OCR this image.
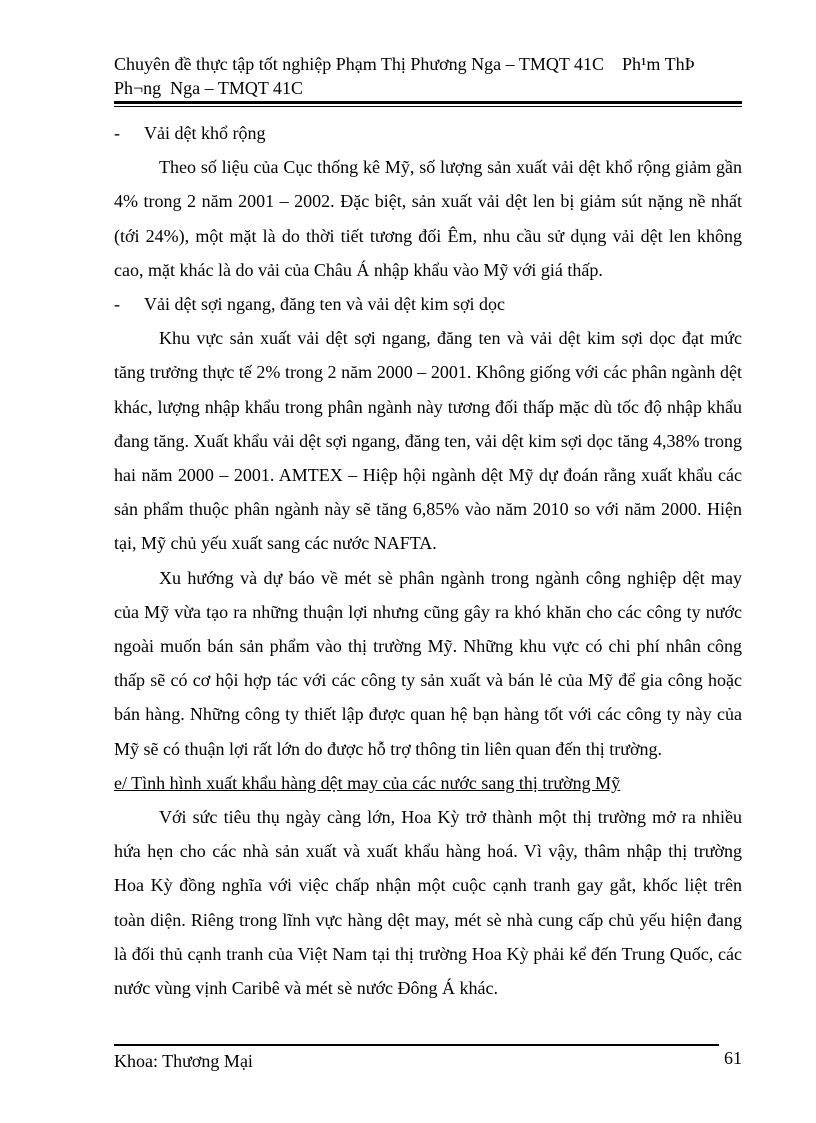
Chuyên đề thực tập tốt nghiệp Phạm Thị Phương Nga – TMQT 41C    Ph¹m ThÞ
Ph¬ng  Nga – TMQT 41C

- Vải dệt khổ rộng

Theo số liệu của Cục thống kê Mỹ, số lượng sản xuất vải dệt khổ rộng giảm gần 4% trong 2 năm 2001 – 2002. Đặc biệt, sản xuất vải dệt len bị giảm sút nặng nề nhất (tới 24%), một mặt là do thời tiết tương đối Êm, nhu cầu sử dụng vải dệt len không cao, mặt khác là do vải của Châu Á nhập khẩu vào Mỹ với giá thấp.

- Vải dệt sợi ngang, đăng ten và vải dệt kim sợi dọc

Khu vực sản xuất vải dệt sợi ngang, đăng ten và vải dệt kim sợi dọc đạt mức tăng trưởng thực tế 2% trong 2 năm 2000 – 2001. Không giống với các phân ngành dệt khác, lượng nhập khẩu trong phân ngành này tương đối thấp mặc dù tốc độ nhập khẩu đang tăng. Xuất khẩu vải dệt sợi ngang, đăng ten, vải dệt kim sợi dọc tăng 4,38% trong hai năm 2000 – 2001. AMTEX – Hiệp hội ngành dệt Mỹ dự đoán rằng xuất khẩu các sản phẩm thuộc phân ngành này sẽ tăng 6,85% vào năm 2010 so với năm 2000. Hiện tại, Mỹ chủ yếu xuất sang các nước NAFTA.

Xu hướng và dự báo về mét sè phân ngành trong ngành công nghiệp dệt may của Mỹ vừa tạo ra những thuận lợi nhưng cũng gây ra khó khăn cho các công ty nước ngoài muốn bán sản phẩm vào thị trường Mỹ. Những khu vực có chi phí nhân công thấp sẽ có cơ hội hợp tác với các công ty sản xuất và bán lẻ của Mỹ để gia công hoặc bán hàng. Những công ty thiết lập được quan hệ bạn hàng tốt với các công ty này của Mỹ sẽ có thuận lợi rất lớn do được hỗ trợ thông tin liên quan đến thị trường.

e/ Tình hình xuất khẩu hàng dệt may của các nước sang thị trường Mỹ

Với sức tiêu thụ ngày càng lớn, Hoa Kỳ trở thành một thị trường mở ra nhiều hứa hẹn cho các nhà sản xuất và xuất khẩu hàng hoá. Vì vậy, thâm nhập thị trường Hoa Kỳ đồng nghĩa với việc chấp nhận một cuộc cạnh tranh gay gắt, khốc liệt trên toàn diện. Riêng trong lĩnh vực hàng dệt may, mét sè nhà cung cấp chủ yếu hiện đang là đối thủ cạnh tranh của Việt Nam tại thị trường Hoa Kỳ phải kể đến Trung Quốc, các nước vùng vịnh Caribê và mét sè nước Đông Á khác.

Khoa: Thương Mại	61
